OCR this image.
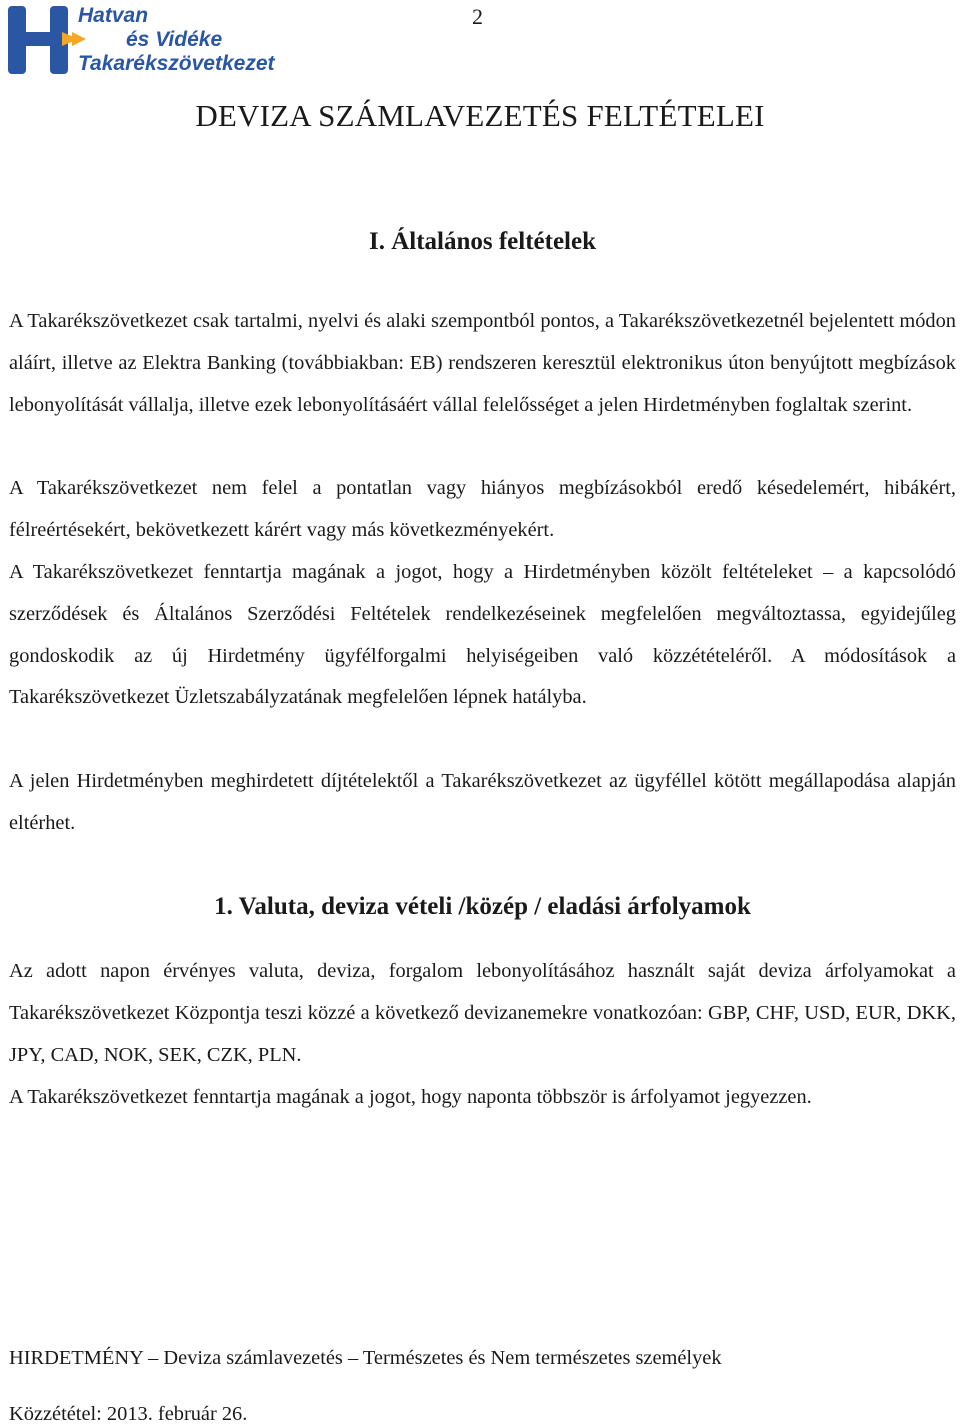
Hatvan
és Vidéke
Takarékszövetkezet
2
DEVIZA SZÁMLAVEZETÉS FELTÉTELEI
I. Általános feltételek
A Takarékszövetkezet csak tartalmi, nyelvi és alaki szempontból pontos, a Takarékszövetkezetnél bejelentett módon aláírt, illetve az Elektra Banking (továbbiakban: EB) rendszeren keresztül elektronikus úton benyújtott megbízások lebonyolítását vállalja, illetve ezek lebonyolításáért vállal felelősséget a jelen Hirdetményben foglaltak szerint.
A Takarékszövetkezet nem felel a pontatlan vagy hiányos megbízásokból eredő késedelemért, hibákért, félreértésekért, bekövetkezett kárért vagy más következményekért.
A Takarékszövetkezet fenntartja magának a jogot, hogy a Hirdetményben közölt feltételeket – a kapcsolódó szerződések és Általános Szerződési Feltételek rendelkezéseinek megfelelően megváltoztassa, egyidejűleg gondoskodik az új Hirdetmény ügyfélforgalmi helyiségeiben való közzétételéről. A módosítások a Takarékszövetkezet Üzletszabályzatának megfelelően lépnek hatályba.
A jelen Hirdetményben meghirdetett díjtételektől a Takarékszövetkezet az ügyféllel kötött megállapodása alapján eltérhet.
1. Valuta, deviza vételi /közép / eladási árfolyamok
Az adott napon érvényes valuta, deviza, forgalom lebonyolításához használt saját deviza árfolyamokat a Takarékszövetkezet Központja teszi közzé a következő devizanemekre vonatkozóan: GBP, CHF, USD, EUR, DKK, JPY, CAD, NOK, SEK, CZK, PLN.
A Takarékszövetkezet fenntartja magának a jogot, hogy naponta többször is árfolyamot jegyezzen.
HIRDETMÉNY – Deviza számlavezetés – Természetes és Nem természetes személyek
Közzététel: 2013. február 26.
